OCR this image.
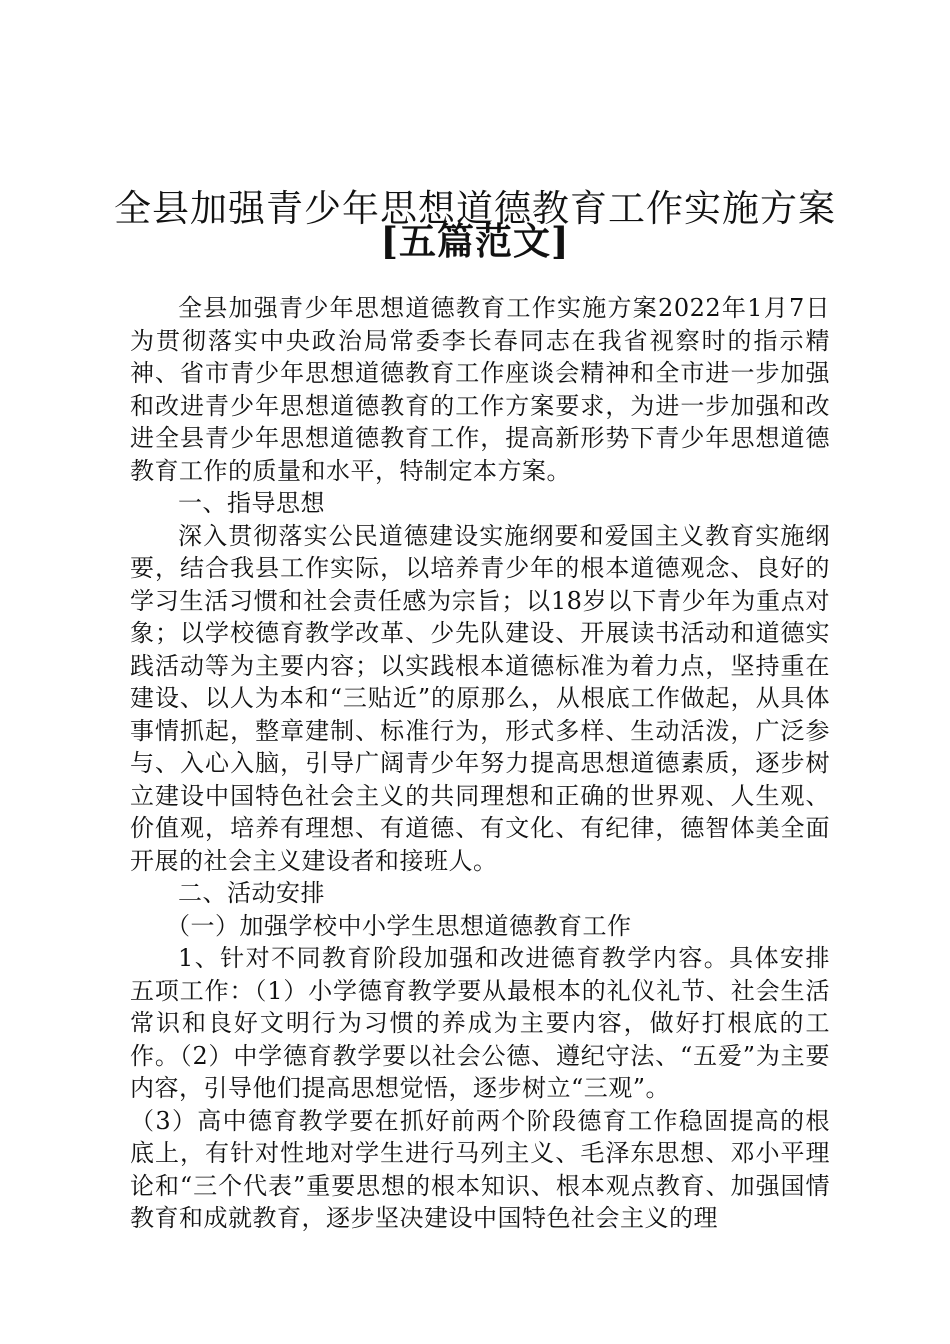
全县加强青少年思想道德教育工作实施方案
[五篇范文]

全县加强青少年思想道德教育工作实施方案2022年1月7日为贯彻落实中央政治局常委李长春同志在我省视察时的指示精神、省市青少年思想道德教育工作座谈会精神和全市进一步加强和改进青少年思想道德教育的工作方案要求，为进一步加强和改进全县青少年思想道德教育工作，提高新形势下青少年思想道德教育工作的质量和水平，特制定本方案。

一、指导思想

深入贯彻落实公民道德建设实施纲要和爱国主义教育实施纲要，结合我县工作实际，以培养青少年的根本道德观念、良好的学习生活习惯和社会责任感为宗旨；以18岁以下青少年为重点对象；以学校德育教学改革、少先队建设、开展读书活动和道德实践活动等为主要内容；以实践根本道德标准为着力点，坚持重在建设、以人为本和“三贴近”的原那么，从根底工作做起，从具体事情抓起，整章建制、标准行为，形式多样、生动活泼，广泛参与、入心入脑，引导广阔青少年努力提高思想道德素质，逐步树立建设中国特色社会主义的共同理想和正确的世界观、人生观、价值观，培养有理想、有道德、有文化、有纪律，德智体美全面开展的社会主义建设者和接班人。

二、活动安排

（一）加强学校中小学生思想道德教育工作

1、针对不同教育阶段加强和改进德育教学内容。具体安排五项工作：（1）小学德育教学要从最根本的礼仪礼节、社会生活常识和良好文明行为习惯的养成为主要内容，做好打根底的工作。（2）中学德育教学要以社会公德、遵纪守法、“五爱”为主要内容，引导他们提高思想觉悟，逐步树立“三观”。

（3）高中德育教学要在抓好前两个阶段德育工作稳固提高的根底上，有针对性地对学生进行马列主义、毛泽东思想、邓小平理论和“三个代表”重要思想的根本知识、根本观点教育、加强国情教育和成就教育，逐步坚决建设中国特色社会主义的理
